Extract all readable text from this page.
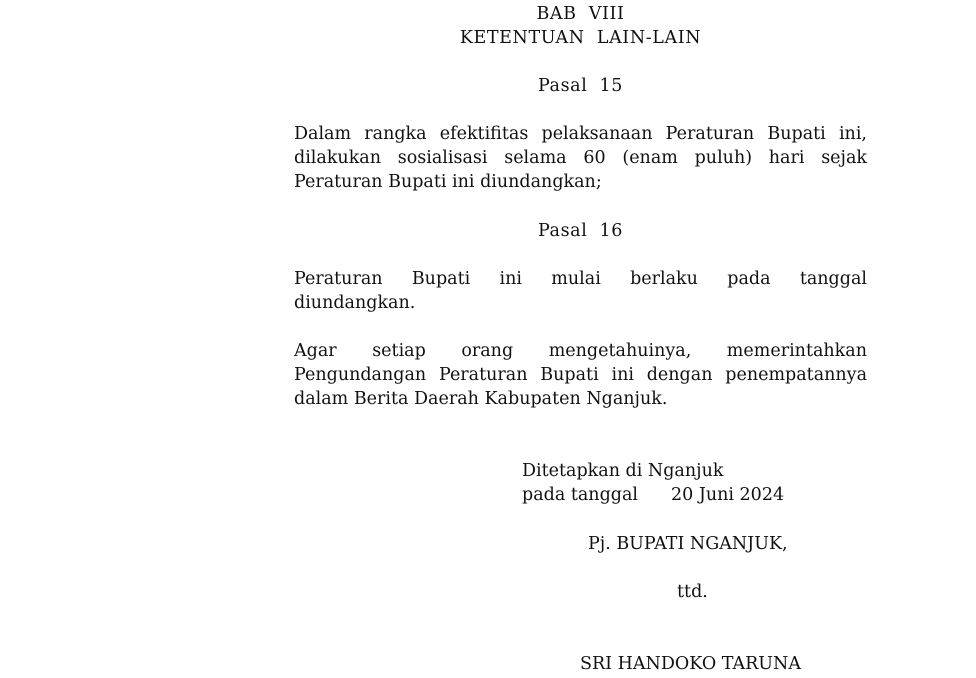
BAB VIII
KETENTUAN LAIN-LAIN
Pasal 15
Dalam rangka efektifitas pelaksanaan Peraturan Bupati ini,
dilakukan sosialisasi selama 60 (enam puluh) hari sejak
Peraturan Bupati ini diundangkan;
Pasal 16
Peraturan Bupati ini mulai berlaku pada tanggal
diundangkan.
Agar setiap orang mengetahuinya, memerintahkan
Pengundangan Peraturan Bupati ini dengan penempatannya
dalam Berita Daerah Kabupaten Nganjuk.
Ditetapkan di Nganjuk
pada tanggal 20 Juni 2024
Pj. BUPATI NGANJUK,
ttd.
SRI HANDOKO TARUNA
